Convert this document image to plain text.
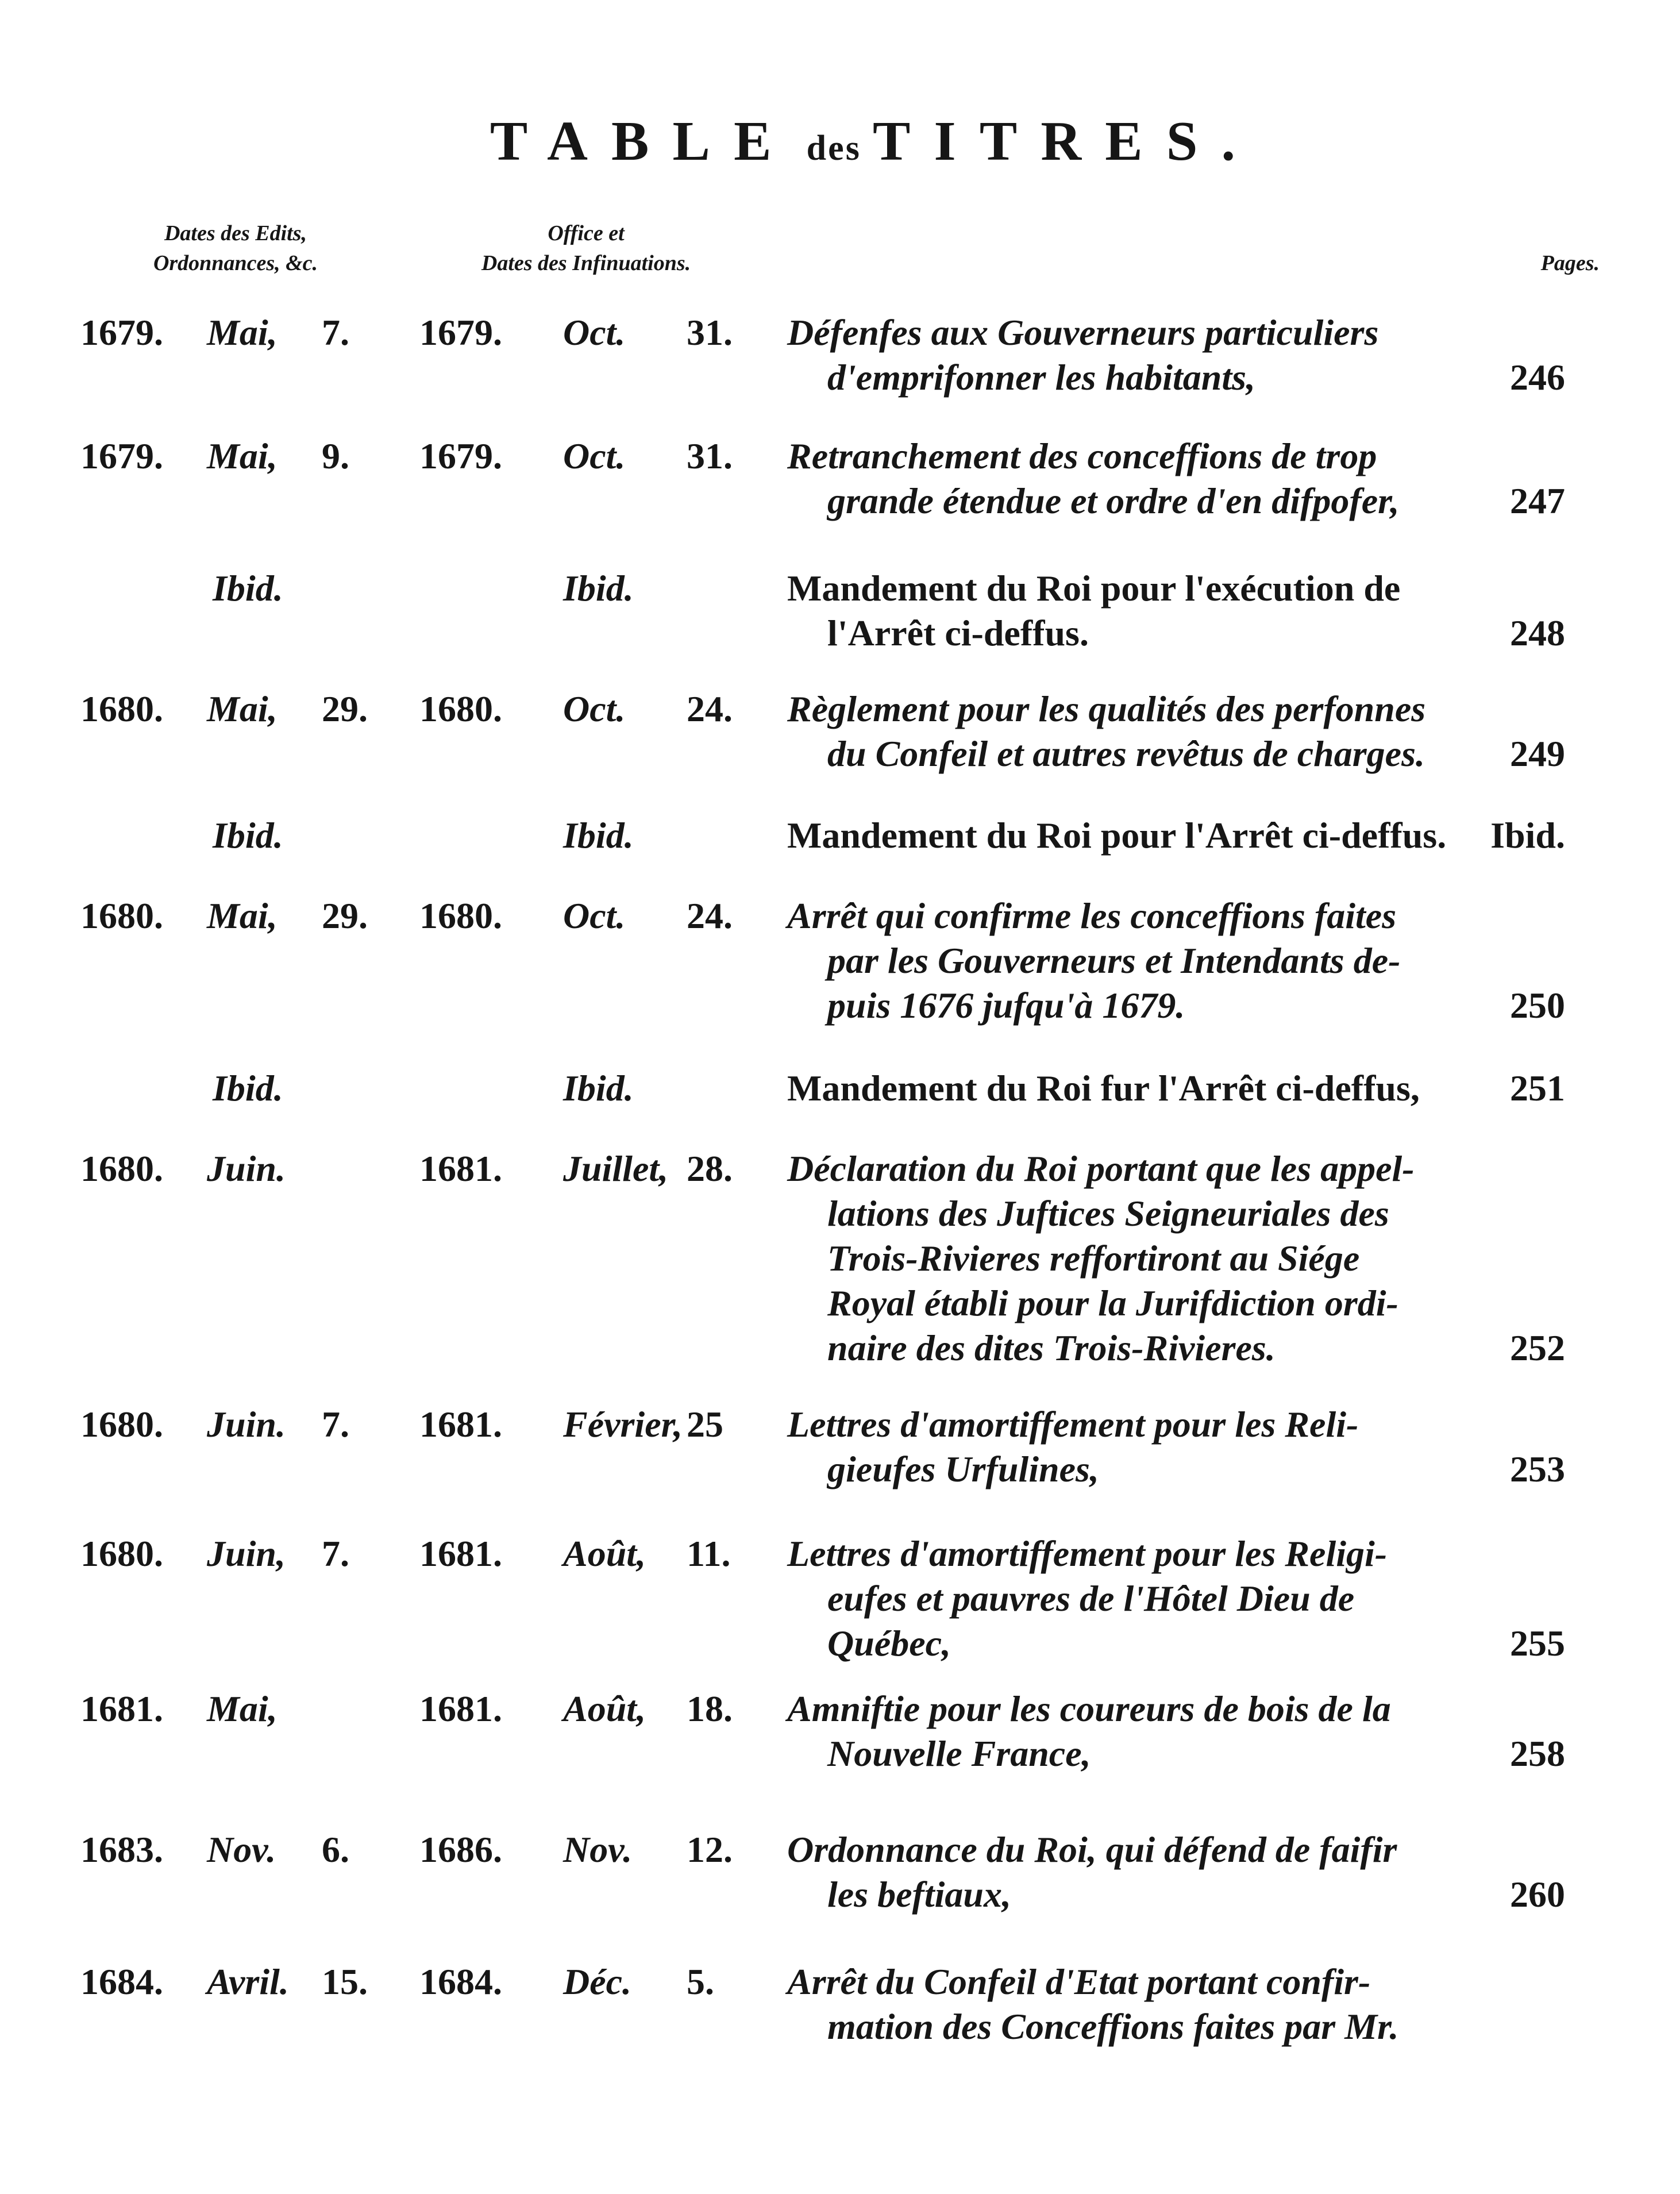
TABLE des TITRES.
Dates des Edits,
Ordonnances, &c.
Office et
Dates des Infinuations.	Pages.
1679.	Mai,	7.	1679.	Oct.	31.	Défenfes aux Gouverneurs particuliers
d'emprifonner les habitants,	246
1679.	Mai,	9.	1679.	Oct.	31.	Retranchement des conceffions de trop
grande étendue et ordre d'en difpofer,	247
Ibid.	Ibid.	Mandement du Roi pour l'exécution de
l'Arrêt ci-deffus.	248
1680.	Mai,	29.	1680.	Oct.	24.	Règlement pour les qualités des perfonnes
du Confeil et autres revêtus de charges.	249
Ibid.	Ibid.	Mandement du Roi pour l'Arrêt ci-deffus.	Ibid.
1680.	Mai,	29.	1680.	Oct.	24.	Arrêt qui confirme les conceffions faites
par les Gouverneurs et Intendants de-
puis 1676 jufqu'à 1679.	250
Ibid.	Ibid.	Mandement du Roi fur l'Arrêt ci-deffus,	251
1680.	Juin.	1681.	Juillet, 28.	Déclaration du Roi portant que les appel-
lations des Juftices Seigneuriales des
Trois-Rivieres reffortiront au Siége
Royal établi pour la Jurifdiction ordi-
naire des dites Trois-Rivieres.	252
1680.	Juin. 7.	1681.	Février, 25	Lettres d'amortiffement pour les Reli-
gieufes Urfulines,	253
1680.	Juin, 7.	1681.	Août,	11.	Lettres d'amortiffement pour les Religi-
eufes et pauvres de l'Hôtel Dieu de
Québec,	255
1681.	Mai,	1681.	Août,	18.	Amniftie pour les coureurs de bois de la
Nouvelle France,	258
1683.	Nov.	6.	1686.	Nov.	12.	Ordonnance du Roi, qui défend de faifir
les beftiaux,	260
1684.	Avril. 15.	1684.	Déc.	5.	Arrêt du Confeil d'Etat portant confir-
mation des Conceffions faites par Mr.
